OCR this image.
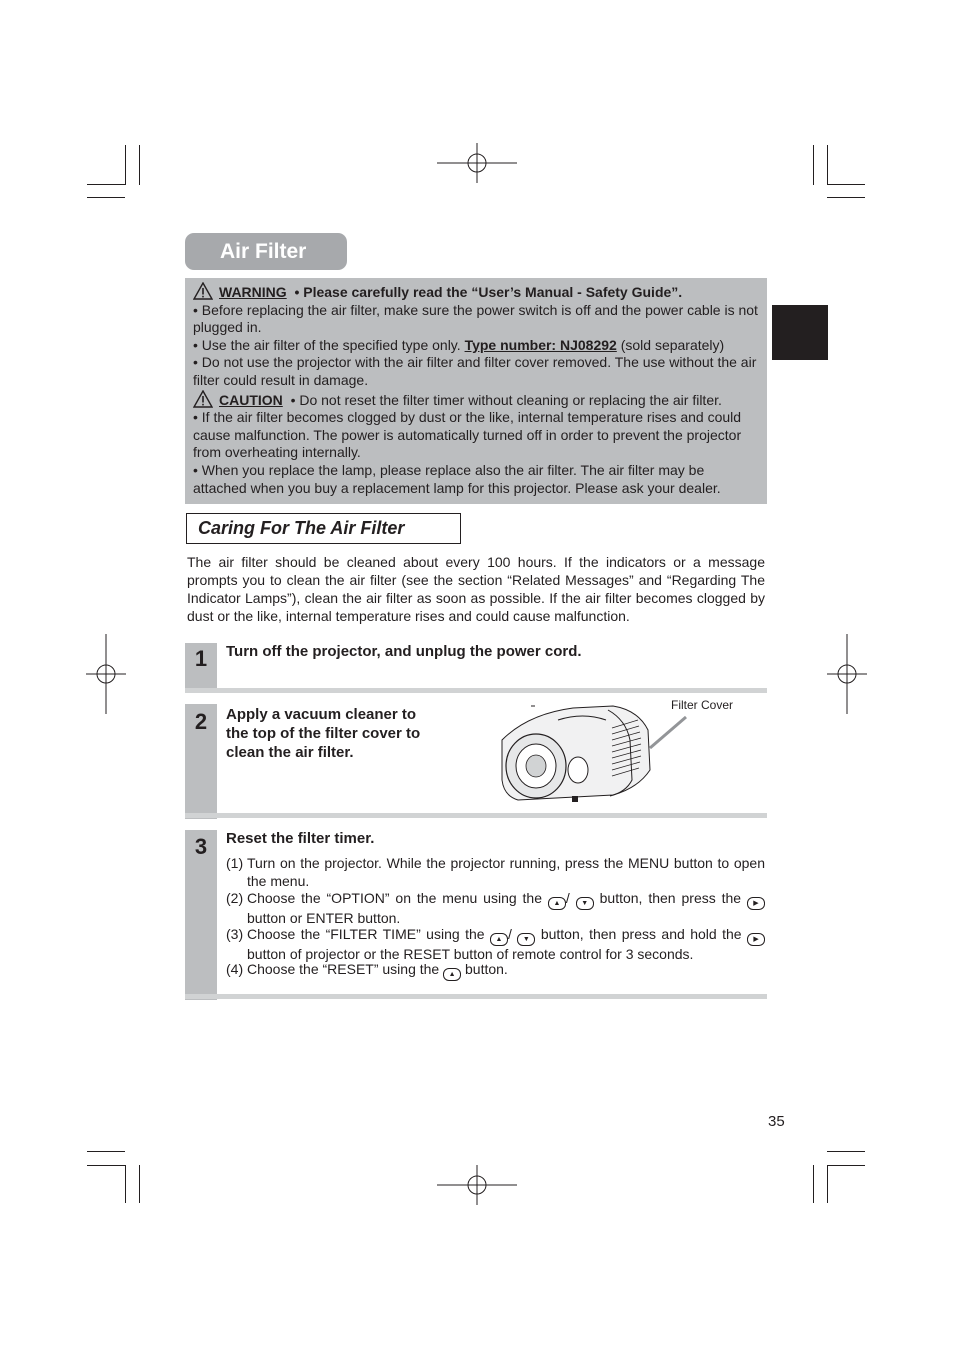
Air Filter

WARNING • Please carefully read the “User’s Manual - Safety Guide”.

• Before replacing the air filter, make sure the power switch is off and the power cable is not plugged in.

• Use the air filter of the specified type only. Type number: NJ08292 (sold separately)

• Do not use the projector with the air filter and filter cover removed. The use without the air filter could result in damage.

CAUTION • Do not reset the filter timer without cleaning or replacing the air filter.

• If the air filter becomes clogged by dust or the like, internal temperature rises and could cause malfunction. The power is automatically turned off in order to prevent the projector from overheating internally.

• When you replace the lamp, please replace also the air filter. The air filter may be attached when you buy a replacement lamp for this projector. Please ask your dealer.

Caring For The Air Filter

The air filter should be cleaned about every 100 hours. If the indicators or a message prompts you to clean the air filter (see the section “Related Messages” and “Regarding The Indicator Lamps”), clean the air filter as soon as possible. If the air filter becomes clogged by dust or the like, internal temperature rises and could cause malfunction.

1	Turn off the projector, and unplug the power cord.
2	Apply a vacuum cleaner to
the top of the filter cover to
clean the air filter.
Filter Cover
3	Reset the filter timer.
(1) Turn on the projector. While the projector running, press the MENU button to open the menu.
(2) Choose the “OPTION” on the menu using the ▲ / ▼ button, then press the ▶ button or ENTER button.
(3) Choose the “FILTER TIME” using the ▲ / ▼ button, then press and hold the ▶ button of projector or the RESET button of remote control for 3 seconds.
(4) Choose the “RESET” using the ▲ button.
35
